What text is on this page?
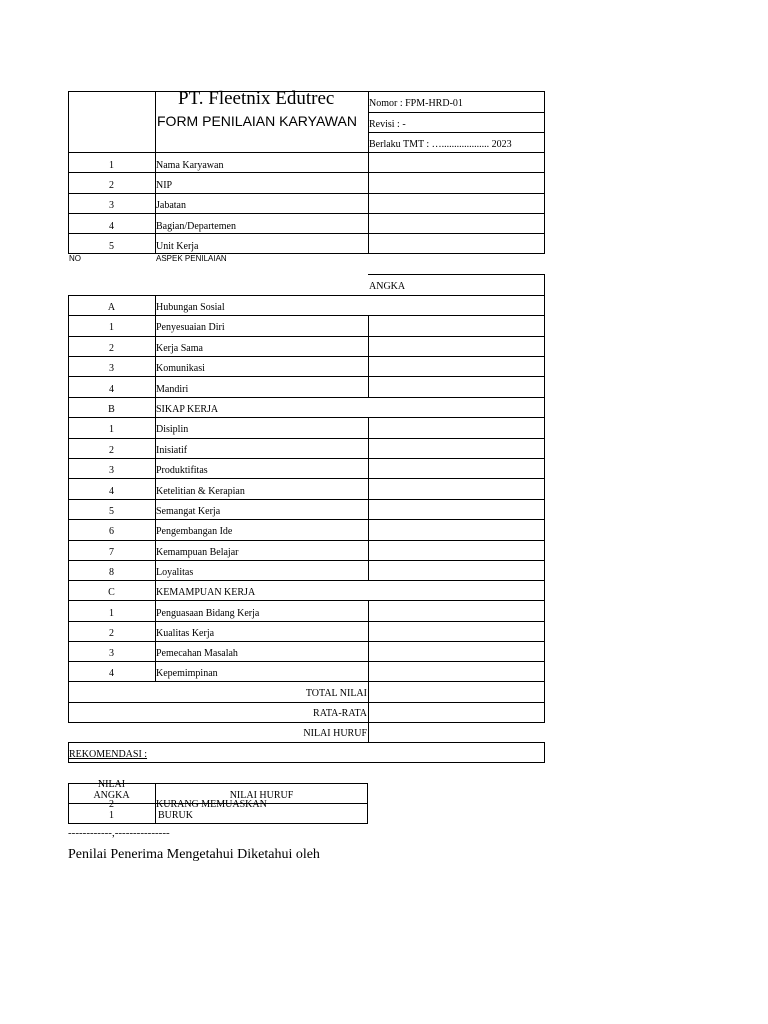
PT. Fleetnix Edutrec
FORM PENILAIAN KARYAWAN
Nomor : FPM-HRD-01
Revisi : -
Berlaku TMT : …................... 2023
1	Nama Karyawan
2	NIP
3	Jabatan
4	Bagian/Departemen
5	Unit Kerja
NO	ASPEK PENILAIAN
ANGKA
A	Hubungan Sosial
1	Penyesuaian Diri
2	Kerja Sama
3	Komunikasi
4	Mandiri
B	SIKAP KERJA
1	Disiplin
2	Inisiatif
3	Produktifitas
4	Ketelitian & Kerapian
5	Semangat Kerja
6	Pengembangan Ide
7	Kemampuan Belajar
8	Loyalitas
C	KEMAMPUAN KERJA
1	Penguasaan Bidang Kerja
2	Kualitas Kerja
3	Pemecahan Masalah
4	Kepemimpinan
TOTAL NILAI
RATA-RATA
NILAI HURUF
REKOMENDASI :
NILAI
ANGKA	NILAI HURUF
2	KURANG MEMUASKAN
1	BURUK
------------,---------------
Penilai Penerima Mengetahui Diketahui oleh
